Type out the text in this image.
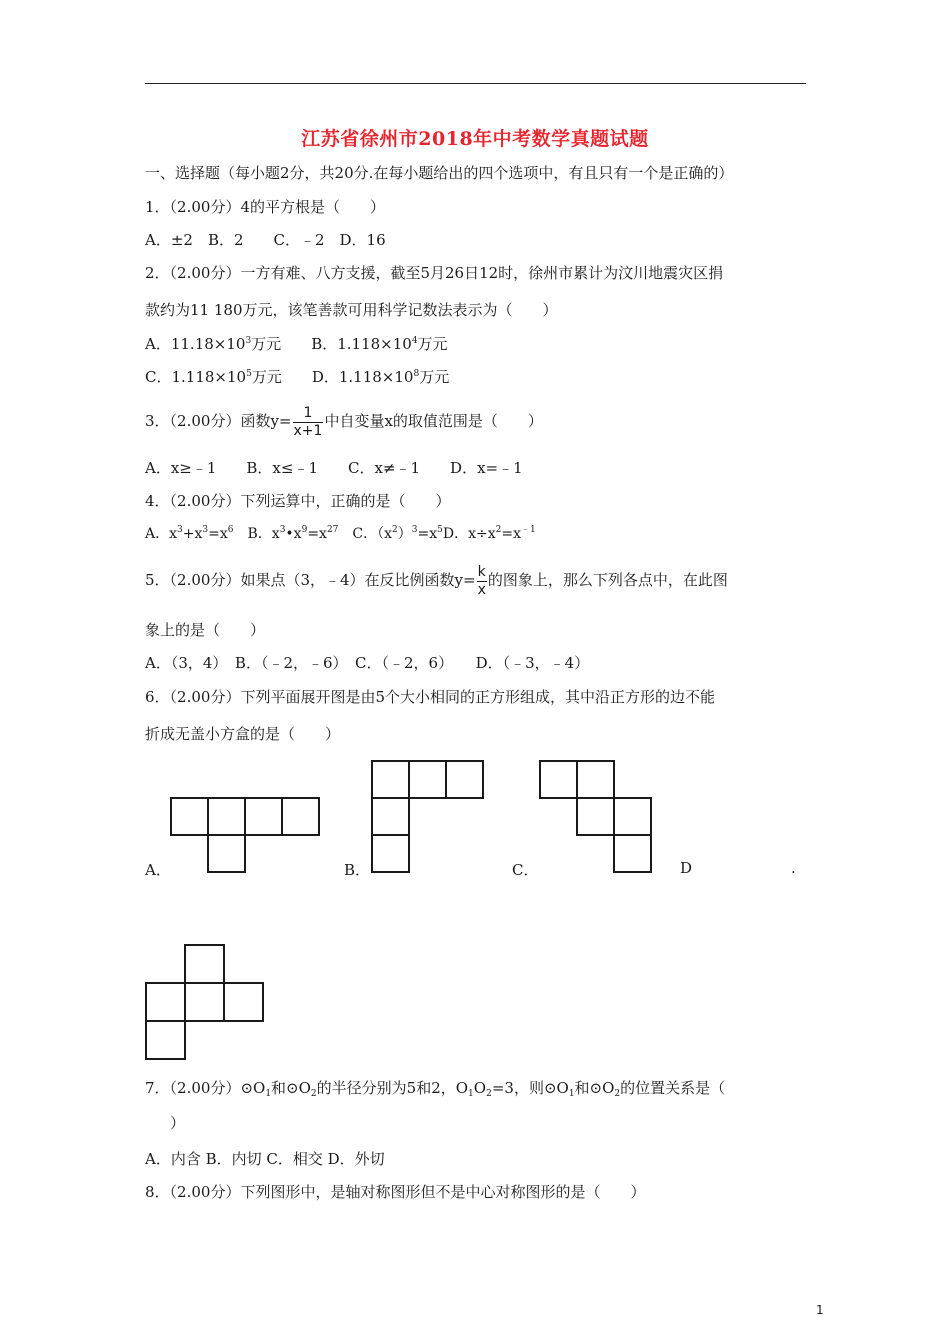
江苏省徐州市2018年中考数学真题试题
一、选择题（每小题2分，共20分.在每小题给出的四个选项中，有且只有一个是正确的）
1．（2.00分）4的平方根是（　　）
A．±2　B．2　　C．﹣2　D．16
2．（2.00分）一方有难、八方支援，截至5月26日12时，徐州市累计为汶川地震灾区捐
款约为11 180万元，该笔善款可用科学记数法表示为（　　）
A．$11.18\times 10^3$万元　　B．$1.118\times 10^4$万元
C．$1.118\times 10^5$万元　　D．$1.118\times 10^8$万元
3．（2.00分）函数$y= \frac{1}{x+1}$ 中自变量x的取值范围是（　　）
A．x≥﹣1　　B．x≤﹣1　　C．x≠﹣1　　D．x=﹣1
4．（2.00分）下列运算中，正确的是（　　）
A．$x^3+x^3=x^6$　B．$x^3•x^9=x^{27}$　C．$(x^2)^3=x^5D$．$x\div x^2=x^{﹣1}$
5．（2.00分）如果点（3，﹣4）在反比例函数$y= \frac{k}{x}$ 的图象上，那么下列各点中，在此图
象上的是（　　）
A．（3，4）　B．（﹣2，﹣6）　C．（﹣2，6）　　D．（﹣3，﹣4）
6．（2.00分）下列平面展开图是由5个大小相同的正方形组成，其中沿正方形的边不能
折成无盖小方盒的是（　　）
A．	B．	C．	D	.
7．（2.00分）$⊙O_1$和$⊙O_2$的半径分别为5和2，$O_1O_2=3$，则$⊙O_1$和$⊙O_2$的位置关系是（
）
A．内含 B．内切 C．相交 D．外切
8．（2.00分）下列图形中，是轴对称图形但不是中心对称图形的是（　　）
1
